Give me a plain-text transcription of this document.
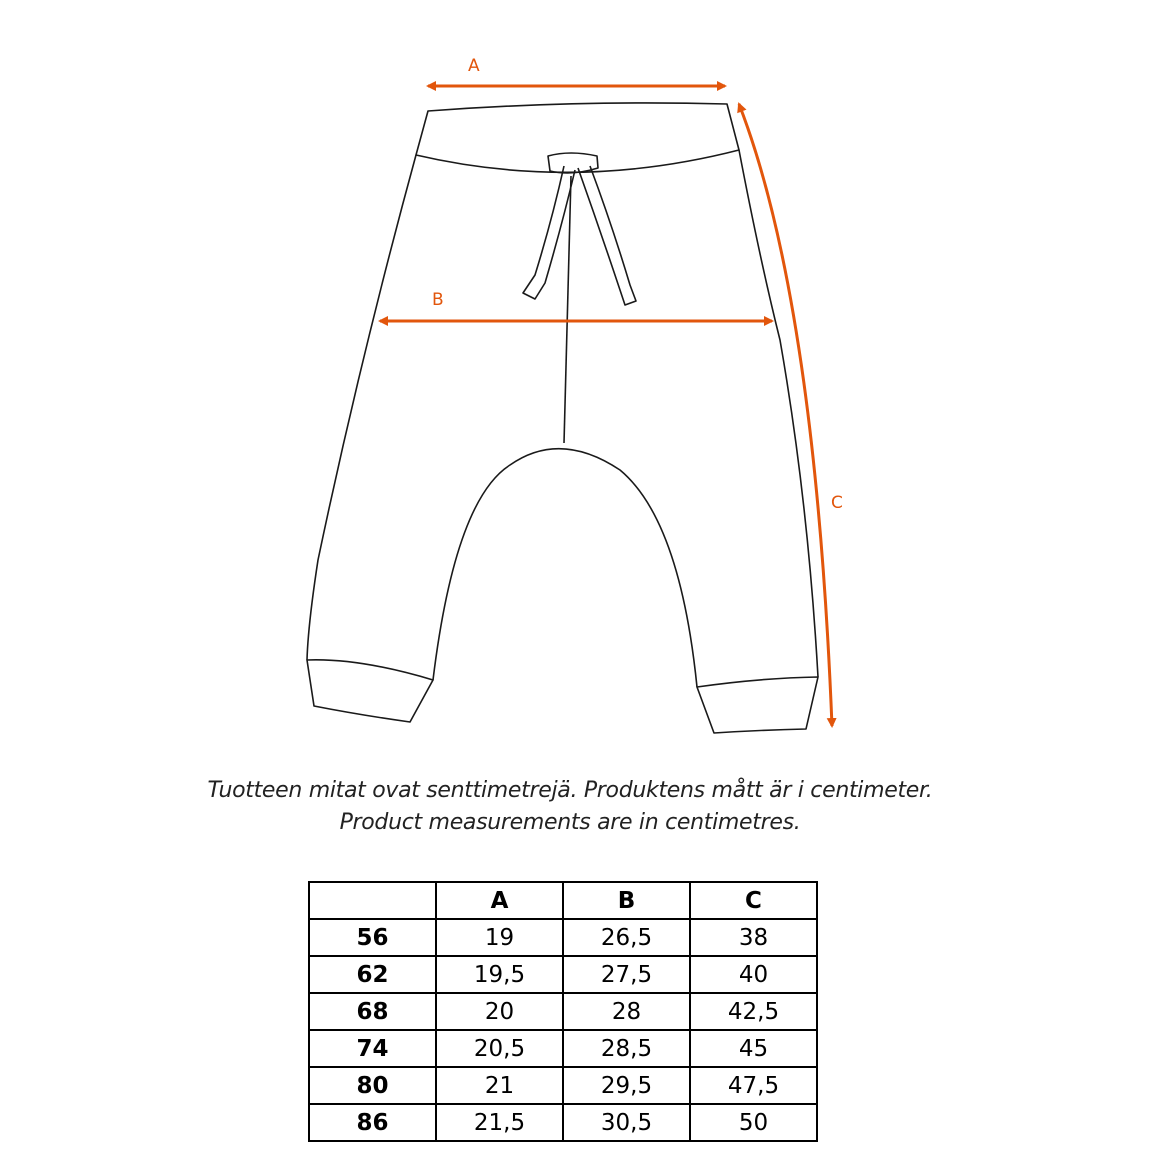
A
B
C
Tuotteen mitat ovat senttimetrejä. Produktens mått är i centimeter.
Product measurements are in centimetres.
	A	B	C
56	19	26,5	38
62	19,5	27,5	40
68	20	28	42,5
74	20,5	28,5	45
80	21	29,5	47,5
86	21,5	30,5	50
